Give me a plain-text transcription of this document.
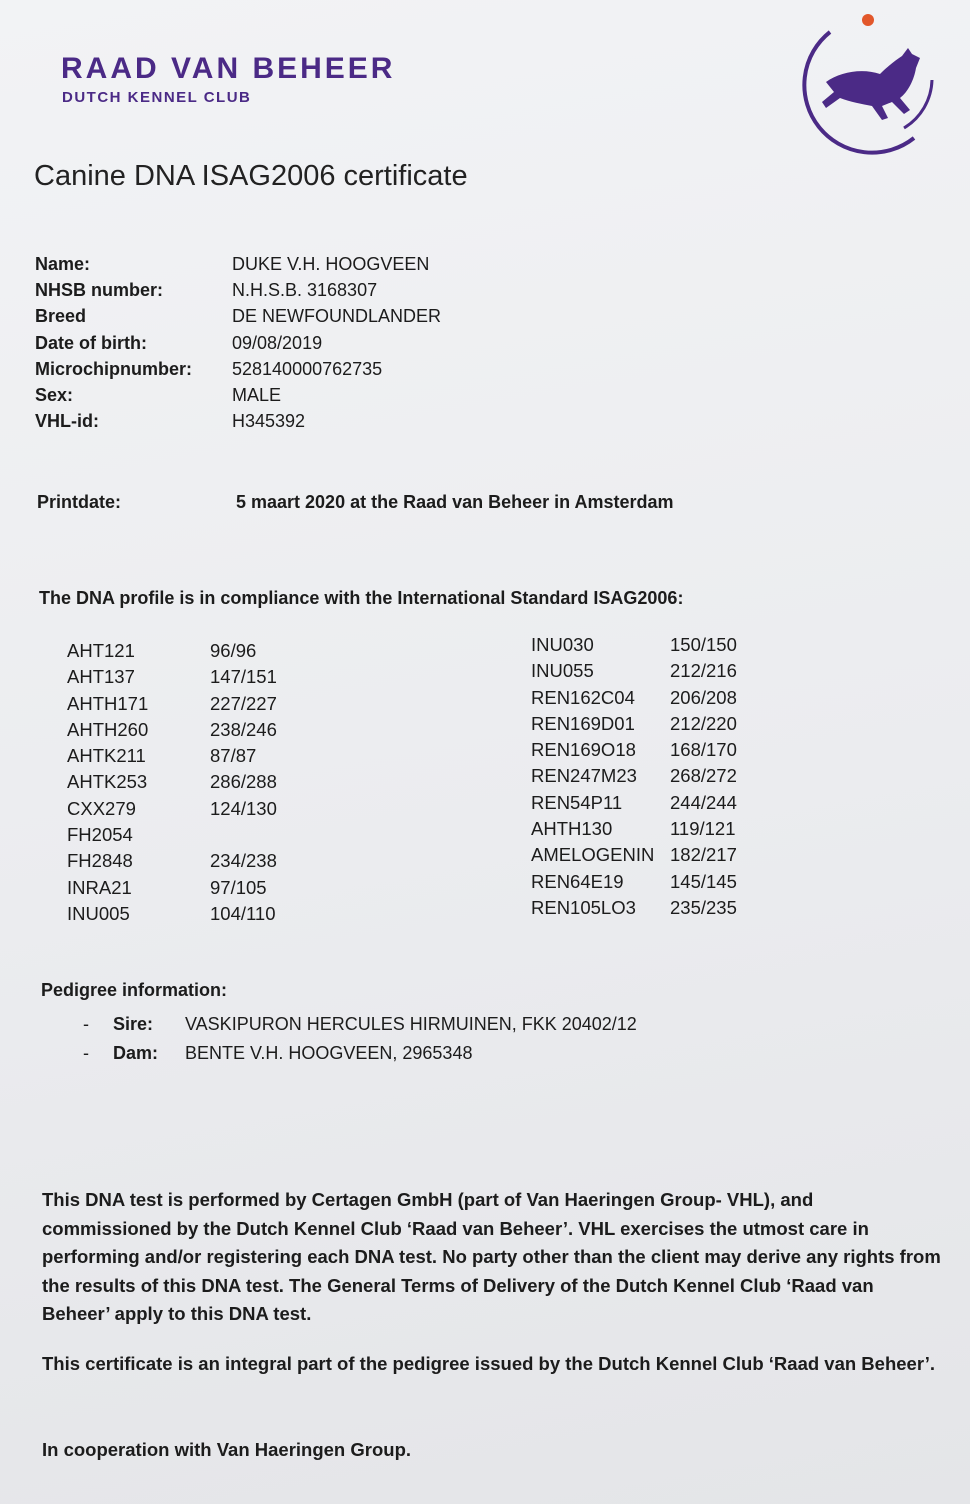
RAAD VAN BEHEER
DUTCH KENNEL CLUB
Canine DNA ISAG2006 certificate
Name:	DUKE V.H. HOOGVEEN
NHSB number:	N.H.S.B. 3168307
Breed	DE NEWFOUNDLANDER
Date of birth:	09/08/2019
Microchipnumber:	528140000762735
Sex:	MALE
VHL-id:	H345392
Printdate:	5 maart 2020 at the Raad van Beheer in Amsterdam
The DNA profile is in compliance with the International Standard ISAG2006:
AHT121	96/96
AHT137	147/151
AHTH171	227/227
AHTH260	238/246
AHTK211	87/87
AHTK253	286/288
CXX279	124/130
FH2054
FH2848	234/238
INRA21	97/105
INU005	104/110
INU030	150/150
INU055	212/216
REN162C04	206/208
REN169D01	212/220
REN169O18	168/170
REN247M23	268/272
REN54P11	244/244
AHTH130	119/121
AMELOGENIN 182/217
REN64E19	145/145
REN105LO3	235/235
Pedigree information:
-	Sire:	VASKIPURON HERCULES HIRMUINEN, FKK 20402/12
-	Dam:	BENTE V.H. HOOGVEEN, 2965348
This DNA test is performed by Certagen GmbH (part of Van Haeringen Group- VHL), and commissioned by the Dutch Kennel Club ‘Raad van Beheer’. VHL exercises the utmost care in performing and/or registering each DNA test. No party other than the client may derive any rights from the results of this DNA test. The General Terms of Delivery of the Dutch Kennel Club ‘Raad van Beheer’ apply to this DNA test.
This certificate is an integral part of the pedigree issued by the Dutch Kennel Club ‘Raad van Beheer’.
In cooperation with Van Haeringen Group.
